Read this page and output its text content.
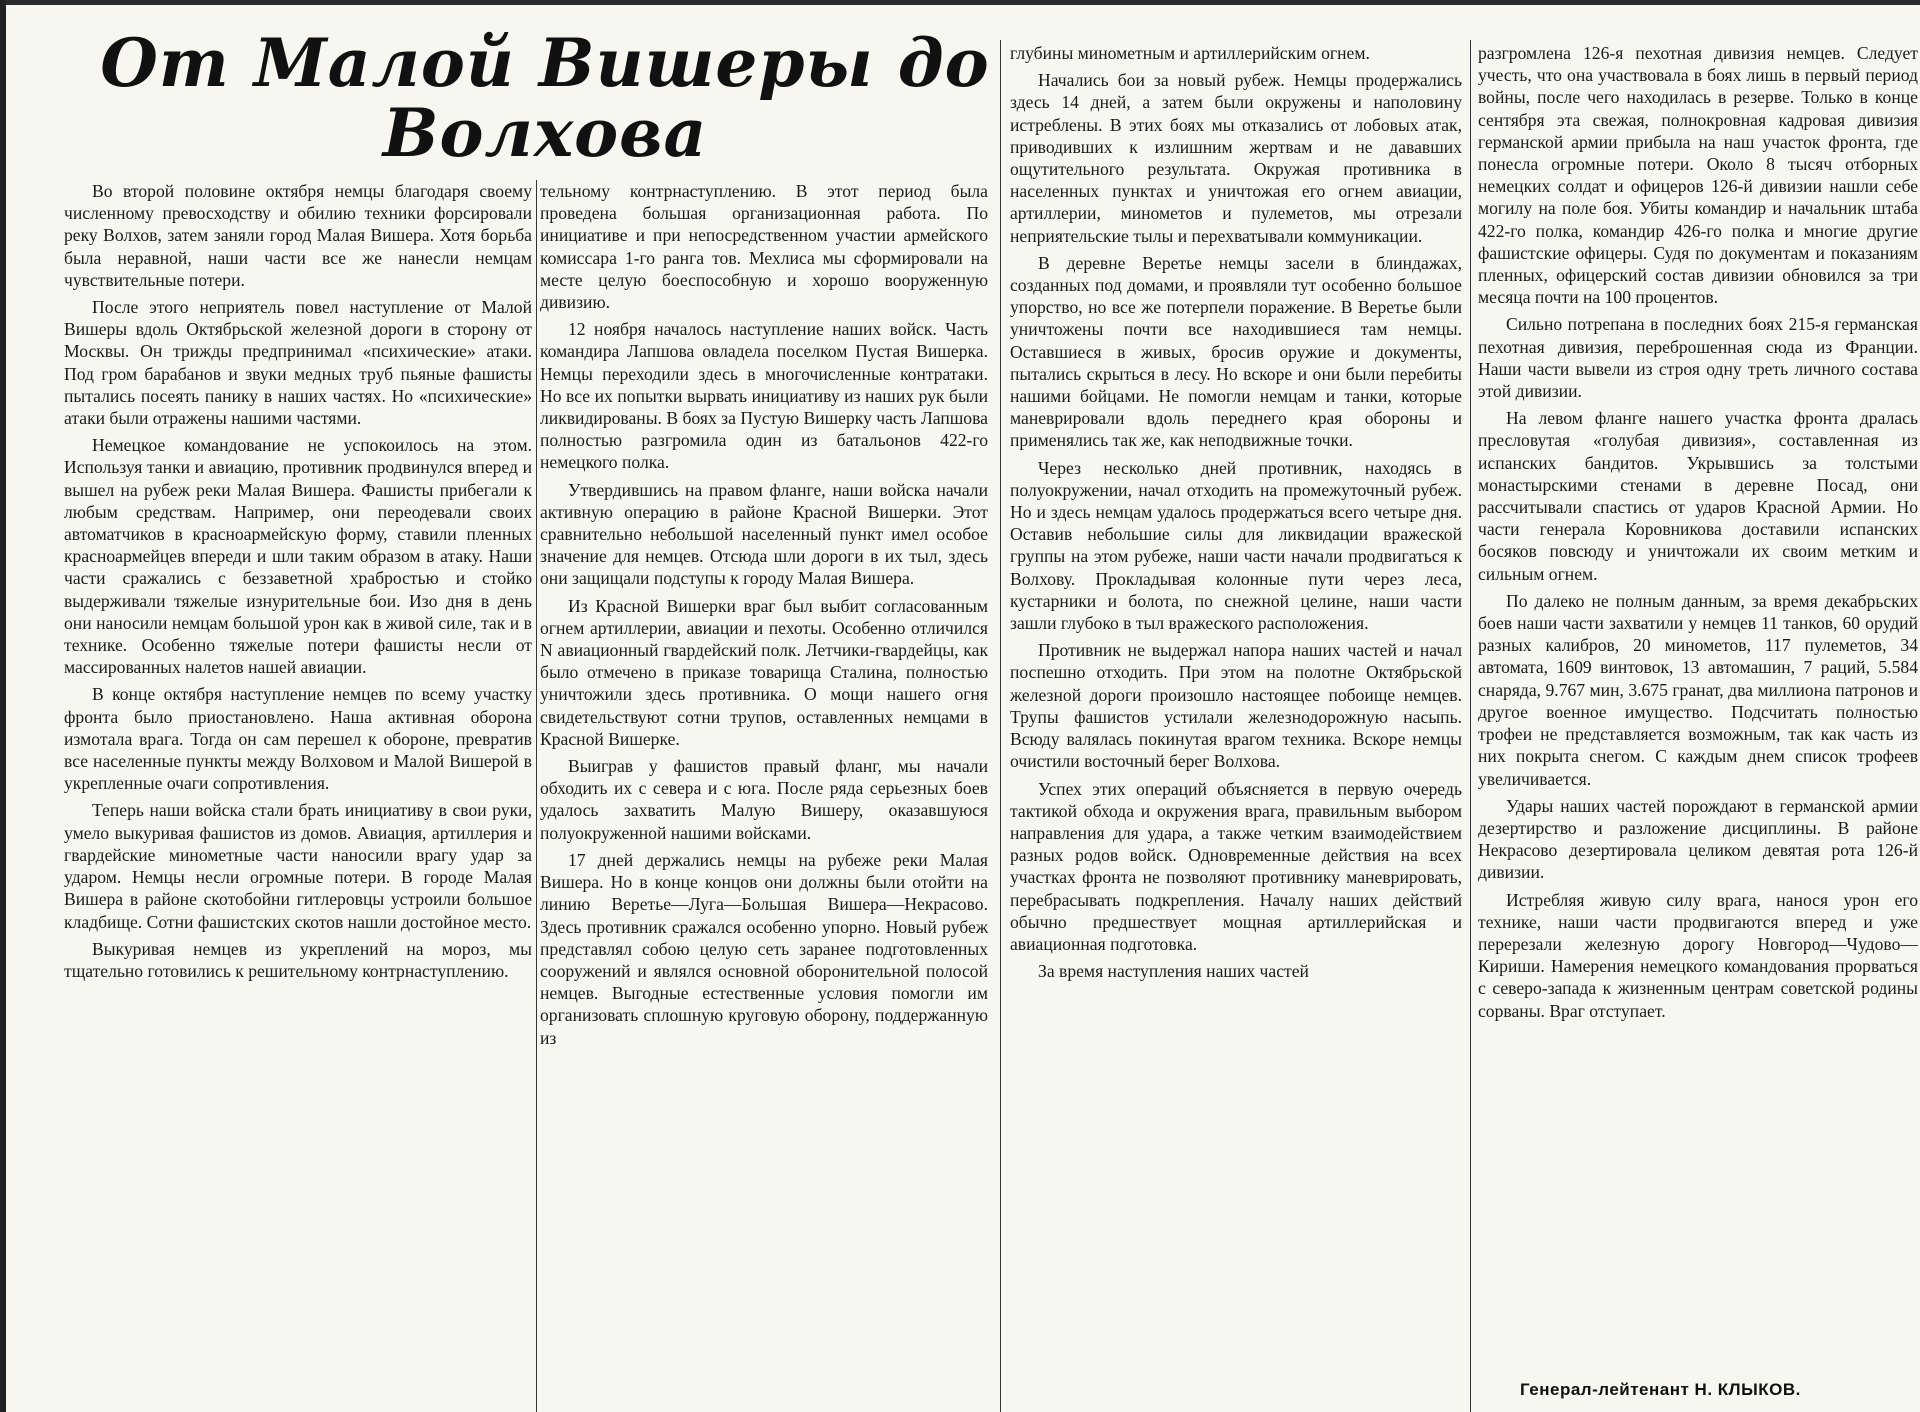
От Малой Вишеры до
Волхова

Во второй половине октября немцы благодаря своему численному превосходству и обилию техники форсировали реку Волхов, затем заняли город Малая Вишера. Хотя борьба была неравной, наши части все же нанесли немцам чувствительные потери.

После этого неприятель повел наступление от Малой Вишеры вдоль Октябрьской железной дороги в сторону от Москвы. Он трижды предпринимал «психические» атаки. Под гром барабанов и звуки медных труб пьяные фашисты пытались посеять панику в наших частях. Но «психические» атаки были отражены нашими частями.

Немецкое командование не успокоилось на этом. Используя танки и авиацию, противник продвинулся вперед и вышел на рубеж реки Малая Вишера. Фашисты прибегали к любым средствам. Например, они переодевали своих автоматчиков в красноармейскую форму, ставили пленных красноармейцев впереди и шли таким образом в атаку. Наши части сражались с беззаветной храбростью и стойко выдерживали тяжелые изнурительные бои. Изо дня в день они наносили немцам большой урон как в живой силе, так и в технике. Особенно тяжелые потери фашисты несли от массированных налетов нашей авиации.

В конце октября наступление немцев по всему участку фронта было приостановлено. Наша активная оборона измотала врага. Тогда он сам перешел к обороне, превратив все населенные пункты между Волховом и Малой Вишерой в укрепленные очаги сопротивления.

Теперь наши войска стали брать инициативу в свои руки, умело выкуривая фашистов из домов. Авиация, артиллерия и гвардейские минометные части наносили врагу удар за ударом. Немцы несли огромные потери. В городе Малая Вишера в районе скотобойни гитлеровцы устроили большое кладбище. Сотни фашистских скотов нашли достойное место.

Выкуривая немцев из укреплений на мороз, мы тщательно готовились к решительному контрнаступлению.

тельному контрнаступлению. В этот период была проведена большая организационная работа. По инициативе и при непосредственном участии армейского комиссара 1-го ранга тов. Мехлиса мы сформировали на месте целую боеспособную и хорошо вооруженную дивизию.

12 ноября началось наступление наших войск. Часть командира Лапшова овладела поселком Пустая Вишерка. Немцы переходили здесь в многочисленные контратаки. Но все их попытки вырвать инициативу из наших рук были ликвидированы. В боях за Пустую Вишерку часть Лапшова полностью разгромила один из батальонов 422-го немецкого полка.

Утвердившись на правом фланге, наши войска начали активную операцию в районе Красной Вишерки. Этот сравнительно небольшой населенный пункт имел особое значение для немцев. Отсюда шли дороги в их тыл, здесь они защищали подступы к городу Малая Вишера.

Из Красной Вишерки враг был выбит согласованным огнем артиллерии, авиации и пехоты. Особенно отличился N авиационный гвардейский полк. Летчики-гвардейцы, как было отмечено в приказе товарища Сталина, полностью уничтожили здесь противника. О мощи нашего огня свидетельствуют сотни трупов, оставленных немцами в Красной Вишерке.

Выиграв у фашистов правый фланг, мы начали обходить их с севера и с юга. После ряда серьезных боев удалось захватить Малую Вишеру, оказавшуюся полуокруженной нашими войсками.

17 дней держались немцы на рубеже реки Малая Вишера. Но в конце концов они должны были отойти на линию Веретье—Луга—Большая Вишера—Некрасово. Здесь противник сражался особенно упорно. Новый рубеж представлял собою целую сеть заранее подготовленных сооружений и являлся основной оборонительной полосой немцев. Выгодные естественные условия помогли им организовать сплошную круговую оборону, поддержанную из

глубины минометным и артиллерийским огнем.

Начались бои за новый рубеж. Немцы продержались здесь 14 дней, а затем были окружены и наполовину истреблены. В этих боях мы отказались от лобовых атак, приводивших к излишним жертвам и не дававших ощутительного результата. Окружая противника в населенных пунктах и уничтожая его огнем авиации, артиллерии, минометов и пулеметов, мы отрезали неприятельские тылы и перехватывали коммуникации.

В деревне Веретье немцы засели в блиндажах, созданных под домами, и проявляли тут особенно большое упорство, но все же потерпели поражение. В Веретье были уничтожены почти все находившиеся там немцы. Оставшиеся в живых, бросив оружие и документы, пытались скрыться в лесу. Но вскоре и они были перебиты нашими бойцами. Не помогли немцам и танки, которые маневрировали вдоль переднего края обороны и применялись так же, как неподвижные точки.

Через несколько дней противник, находясь в полуокружении, начал отходить на промежуточный рубеж. Но и здесь немцам удалось продержаться всего четыре дня. Оставив небольшие силы для ликвидации вражеской группы на этом рубеже, наши части начали продвигаться к Волхову. Прокладывая колонные пути через леса, кустарники и болота, по снежной целине, наши части зашли глубоко в тыл вражеского расположения.

Противник не выдержал напора наших частей и начал поспешно отходить. При этом на полотне Октябрьской железной дороги произошло настоящее побоище немцев. Трупы фашистов устилали железнодорожную насыпь. Всюду валялась покинутая врагом техника. Вскоре немцы очистили восточный берег Волхова.

Успех этих операций объясняется в первую очередь тактикой обхода и окружения врага, правильным выбором направления для удара, а также четким взаимодействием разных родов войск. Одновременные действия на всех участках фронта не позволяют противнику маневрировать, перебрасывать подкрепления. Началу наших действий обычно предшествует мощная артиллерийская и авиационная подготовка.

За время наступления наших частей

разгромлена 126-я пехотная дивизия немцев. Следует учесть, что она участвовала в боях лишь в первый период войны, после чего находилась в резерве. Только в конце сентября эта свежая, полнокровная кадровая дивизия германской армии прибыла на наш участок фронта, где понесла огромные потери. Около 8 тысяч отборных немецких солдат и офицеров 126-й дивизии нашли себе могилу на поле боя. Убиты командир и начальник штаба 422-го полка, командир 426-го полка и многие другие фашистские офицеры. Судя по документам и показаниям пленных, офицерский состав дивизии обновился за три месяца почти на 100 процентов.

Сильно потрепана в последних боях 215-я германская пехотная дивизия, переброшенная сюда из Франции. Наши части вывели из строя одну треть личного состава этой дивизии.

На левом фланге нашего участка фронта дралась пресловутая «голубая дивизия», составленная из испанских бандитов. Укрывшись за толстыми монастырскими стенами в деревне Посад, они рассчитывали спастись от ударов Красной Армии. Но части генерала Коровникова доставили испанских босяков повсюду и уничтожали их своим метким и сильным огнем.

По далеко не полным данным, за время декабрьских боев наши части захватили у немцев 11 танков, 60 орудий разных калибров, 20 минометов, 117 пулеметов, 34 автомата, 1609 винтовок, 13 автомашин, 7 раций, 5.584 снаряда, 9.767 мин, 3.675 гранат, два миллиона патронов и другое военное имущество. Подсчитать полностью трофеи не представляется возможным, так как часть из них покрыта снегом. С каждым днем список трофеев увеличивается.

Удары наших частей порождают в германской армии дезертирство и разложение дисциплины. В районе Некрасово дезертировала целиком девятая рота 126-й дивизии.

Истребляя живую силу врага, нанося урон его технике, наши части продвигаются вперед и уже перерезали железную дорогу Новгород—Чудово—Кириши. Намерения немецкого командования прорваться с северо-запада к жизненным центрам советской родины сорваны. Враг отступает.

Генерал-лейтенант Н. КЛЫКОВ.
